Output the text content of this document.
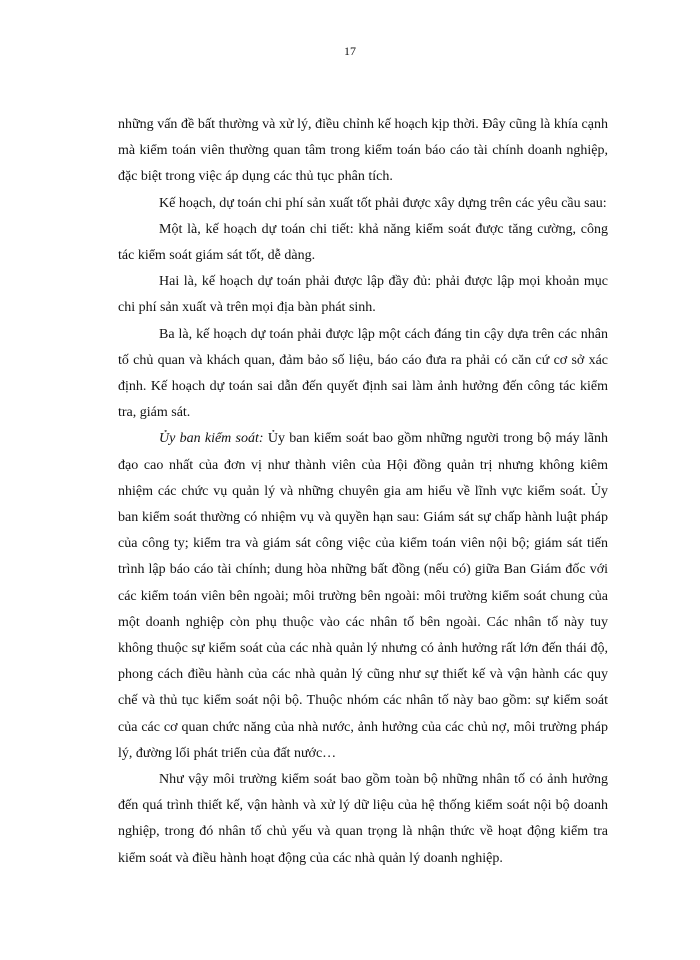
17

những vấn đề bất thường và xử lý, điều chỉnh kế hoạch kịp thời. Đây cũng là khía cạnh mà kiểm toán viên thường quan tâm trong kiểm toán báo cáo tài chính doanh nghiệp, đặc biệt trong việc áp dụng các thủ tục phân tích.

Kế hoạch, dự toán chi phí sản xuất tốt phải được xây dựng trên các yêu cầu sau:

Một là, kế hoạch dự toán chi tiết: khả năng kiểm soát được tăng cường, công tác kiểm soát giám sát tốt, dễ dàng.

Hai là, kế hoạch dự toán phải được lập đầy đủ: phải được lập mọi khoản mục chi phí sản xuất và trên mọi địa bàn phát sinh.

Ba là, kế hoạch dự toán phải được lập một cách đáng tin cậy dựa trên các nhân tố chủ quan và khách quan, đảm bảo số liệu, báo cáo đưa ra phải có căn cứ cơ sở xác định. Kế hoạch dự toán sai dẫn đến quyết định sai làm ảnh hưởng đến công tác kiểm tra, giám sát.

Ủy ban kiểm soát: Ủy ban kiểm soát bao gồm những người trong bộ máy lãnh đạo cao nhất của đơn vị như thành viên của Hội đồng quản trị nhưng không kiêm nhiệm các chức vụ quản lý và những chuyên gia am hiểu về lĩnh vực kiểm soát. Ủy ban kiểm soát thường có nhiệm vụ và quyền hạn sau: Giám sát sự chấp hành luật pháp của công ty; kiểm tra và giám sát công việc của kiểm toán viên nội bộ; giám sát tiến trình lập báo cáo tài chính; dung hòa những bất đồng (nếu có) giữa Ban Giám đốc với các kiểm toán viên bên ngoài; môi trường bên ngoài: môi trường kiểm soát chung của một doanh nghiệp còn phụ thuộc vào các nhân tố bên ngoài. Các nhân tố này tuy không thuộc sự kiểm soát của các nhà quản lý nhưng có ảnh hưởng rất lớn đến thái độ, phong cách điều hành của các nhà quản lý cũng như sự thiết kế và vận hành các quy chế và thủ tục kiểm soát nội bộ. Thuộc nhóm các nhân tố này bao gồm: sự kiểm soát của các cơ quan chức năng của nhà nước, ảnh hưởng của các chủ nợ, môi trường pháp lý, đường lối phát triển của đất nước…

Như vậy môi trường kiểm soát bao gồm toàn bộ những nhân tố có ảnh hưởng đến quá trình thiết kế, vận hành và xử lý dữ liệu của hệ thống kiểm soát nội bộ doanh nghiệp, trong đó nhân tố chủ yếu và quan trọng là nhận thức về hoạt động kiểm tra kiểm soát và điều hành hoạt động của các nhà quản lý doanh nghiệp.
